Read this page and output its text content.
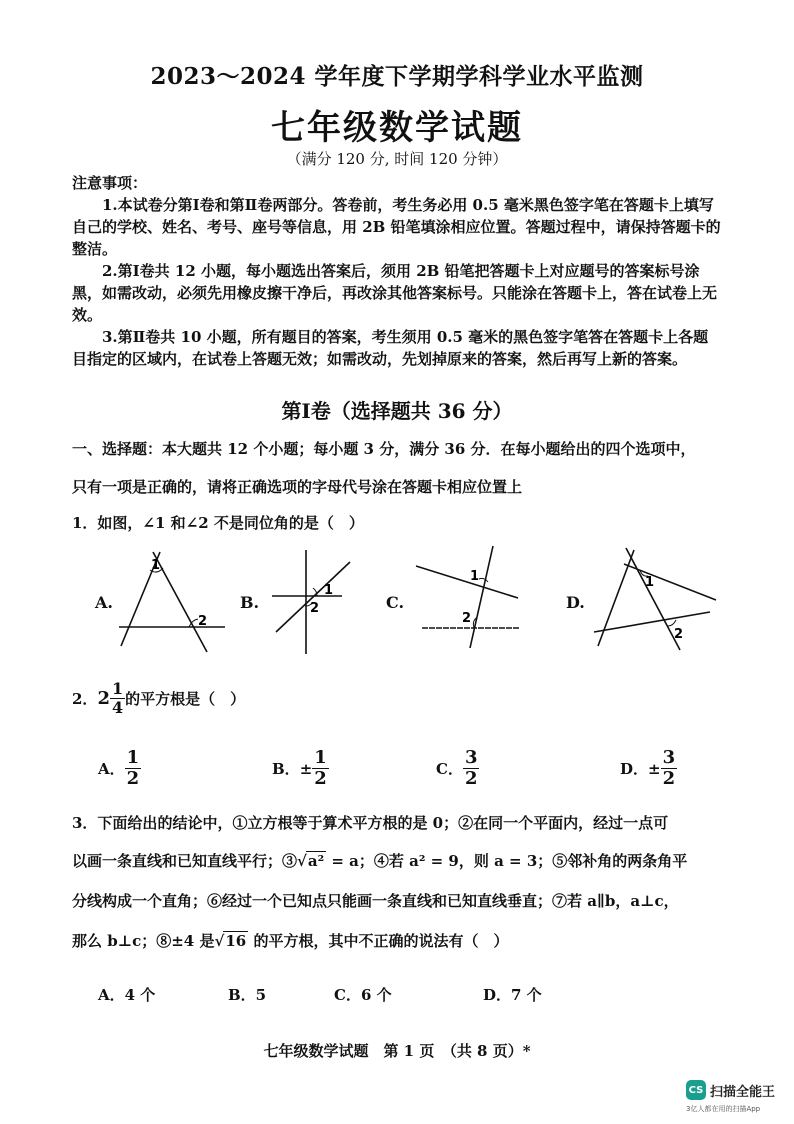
2023～2024 学年度下学期学科学业水平监测
七年级数学试题
（满分 120 分, 时间 120 分钟）
注意事项：
1.本试卷分第Ⅰ卷和第Ⅱ卷两部分。答卷前，考生务必用 0.5 毫米黑色签字笔在答题卡上填写自己的学校、姓名、考号、座号等信息，用 2B 铅笔填涂相应位置。答题过程中，请保持答题卡的整洁。
2.第Ⅰ卷共 12 小题，每小题选出答案后，须用 2B 铅笔把答题卡上对应题号的答案标号涂黑，如需改动，必须先用橡皮擦干净后，再改涂其他答案标号。只能涂在答题卡上，答在试卷上无效。
3.第Ⅱ卷共 10 小题，所有题目的答案，考生须用 0.5 毫米的黑色签字笔答在答题卡上各题目指定的区域内，在试卷上答题无效；如需改动，先划掉原来的答案，然后再写上新的答案。
第Ⅰ卷（选择题共 36 分）
一、选择题：本大题共 12 个小题；每小题 3 分，满分 36 分．在每小题给出的四个选项中，
只有一项是正确的，请将正确选项的字母代号涂在答题卡相应位置上
1．如图，∠1 和∠2 不是同位角的是（　）
A.
1
2
B.
1
2	C.
1
2
D.
1
2
2． $2 \frac{1}{4}$ 的平方根是（　）
A． $\frac{1}{2}$	B． ± $\frac{1}{2}$	C． $\frac{3}{2}$	D． ± $\frac{3}{2}$
3．下面给出的结论中，①立方根等于算术平方根的是 0；②在同一个平面内，经过一点可
以画一条直线和已知直线平行；③√a² = a；④若 a² = 9，则 a = 3；⑤邻补角的两条角平
分线构成一个直角；⑥经过一个已知点只能画一条直线和已知直线垂直；⑦若 a∥b，a⊥c，
那么 b⊥c；⑧±4 是√16 的平方根，其中不正确的说法有（　）
A．4 个	B．5	C．6 个	D．7 个
七年级数学试题　第 1 页　（共 8 页）*
CS 扫描全能王
3亿人都在用的扫描App
